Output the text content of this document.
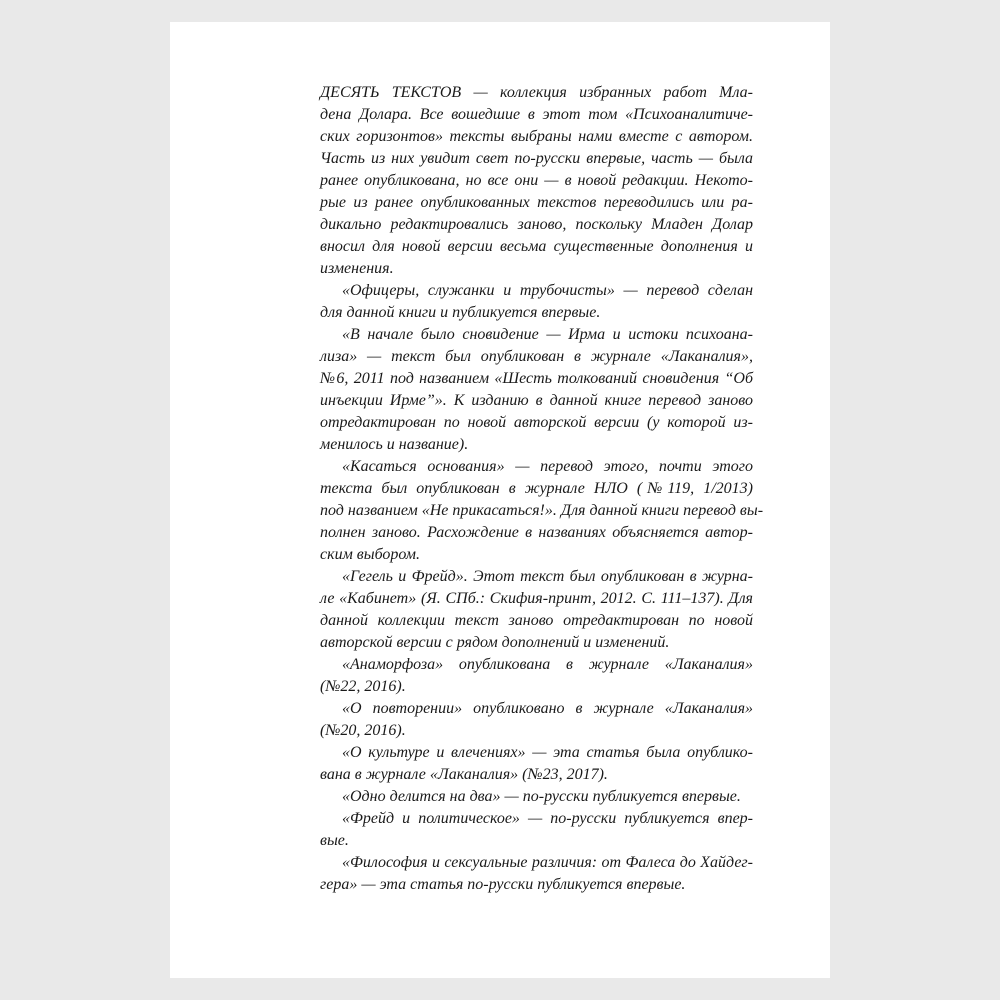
ДЕСЯТЬ ТЕКСТОВ — коллекция избранных работ Мла-
дена Долара. Все вошедшие в этот том «Психоаналитиче-
ских горизонтов» тексты выбраны нами вместе с автором.
Часть из них увидит свет по-русски впервые, часть — была
ранее опубликована, но все они — в новой редакции. Некото-
рые из ранее опубликованных текстов переводились или ра-
дикально редактировались заново, поскольку Младен Долар
вносил для новой версии весьма существенные дополнения и
изменения.
«Офицеры, служанки и трубочисты» — перевод сделан
для данной книги и публикуется впервые.
«В начале было сновидение — Ирма и истоки психоана-
лиза» — текст был опубликован в журнале «Лаканалия»,
№6, 2011 под названием «Шесть толкований сновидения “Об
инъекции Ирме”». К изданию в данной книге перевод заново
отредактирован по новой авторской версии (у которой из-
менилось и название).
«Касаться основания» — перевод этого, почти этого
текста был опубликован в журнале НЛО (№119, 1/2013)
под названием «Не прикасаться!». Для данной книги перевод вы-
полнен заново. Расхождение в названиях объясняется автор-
ским выбором.
«Гегель и Фрейд». Этот текст был опубликован в журна-
ле «Кабинет» (Я. СПб.: Скифия-принт, 2012. С. 111–137). Для
данной коллекции текст заново отредактирован по новой
авторской версии с рядом дополнений и изменений.
«Анаморфоза» опубликована в журнале «Лаканалия»
(№22, 2016).
«О повторении» опубликовано в журнале «Лаканалия»
(№20, 2016).
«О культуре и влечениях» — эта статья была опублико-
вана в журнале «Лаканалия» (№23, 2017).
«Одно делится на два» — по-русски публикуется впервые.
«Фрейд и политическое» — по-русски публикуется впер-
вые.
«Философия и сексуальные различия: от Фалеса до Хайдег-
гера» — эта статья по-русски публикуется впервые.
